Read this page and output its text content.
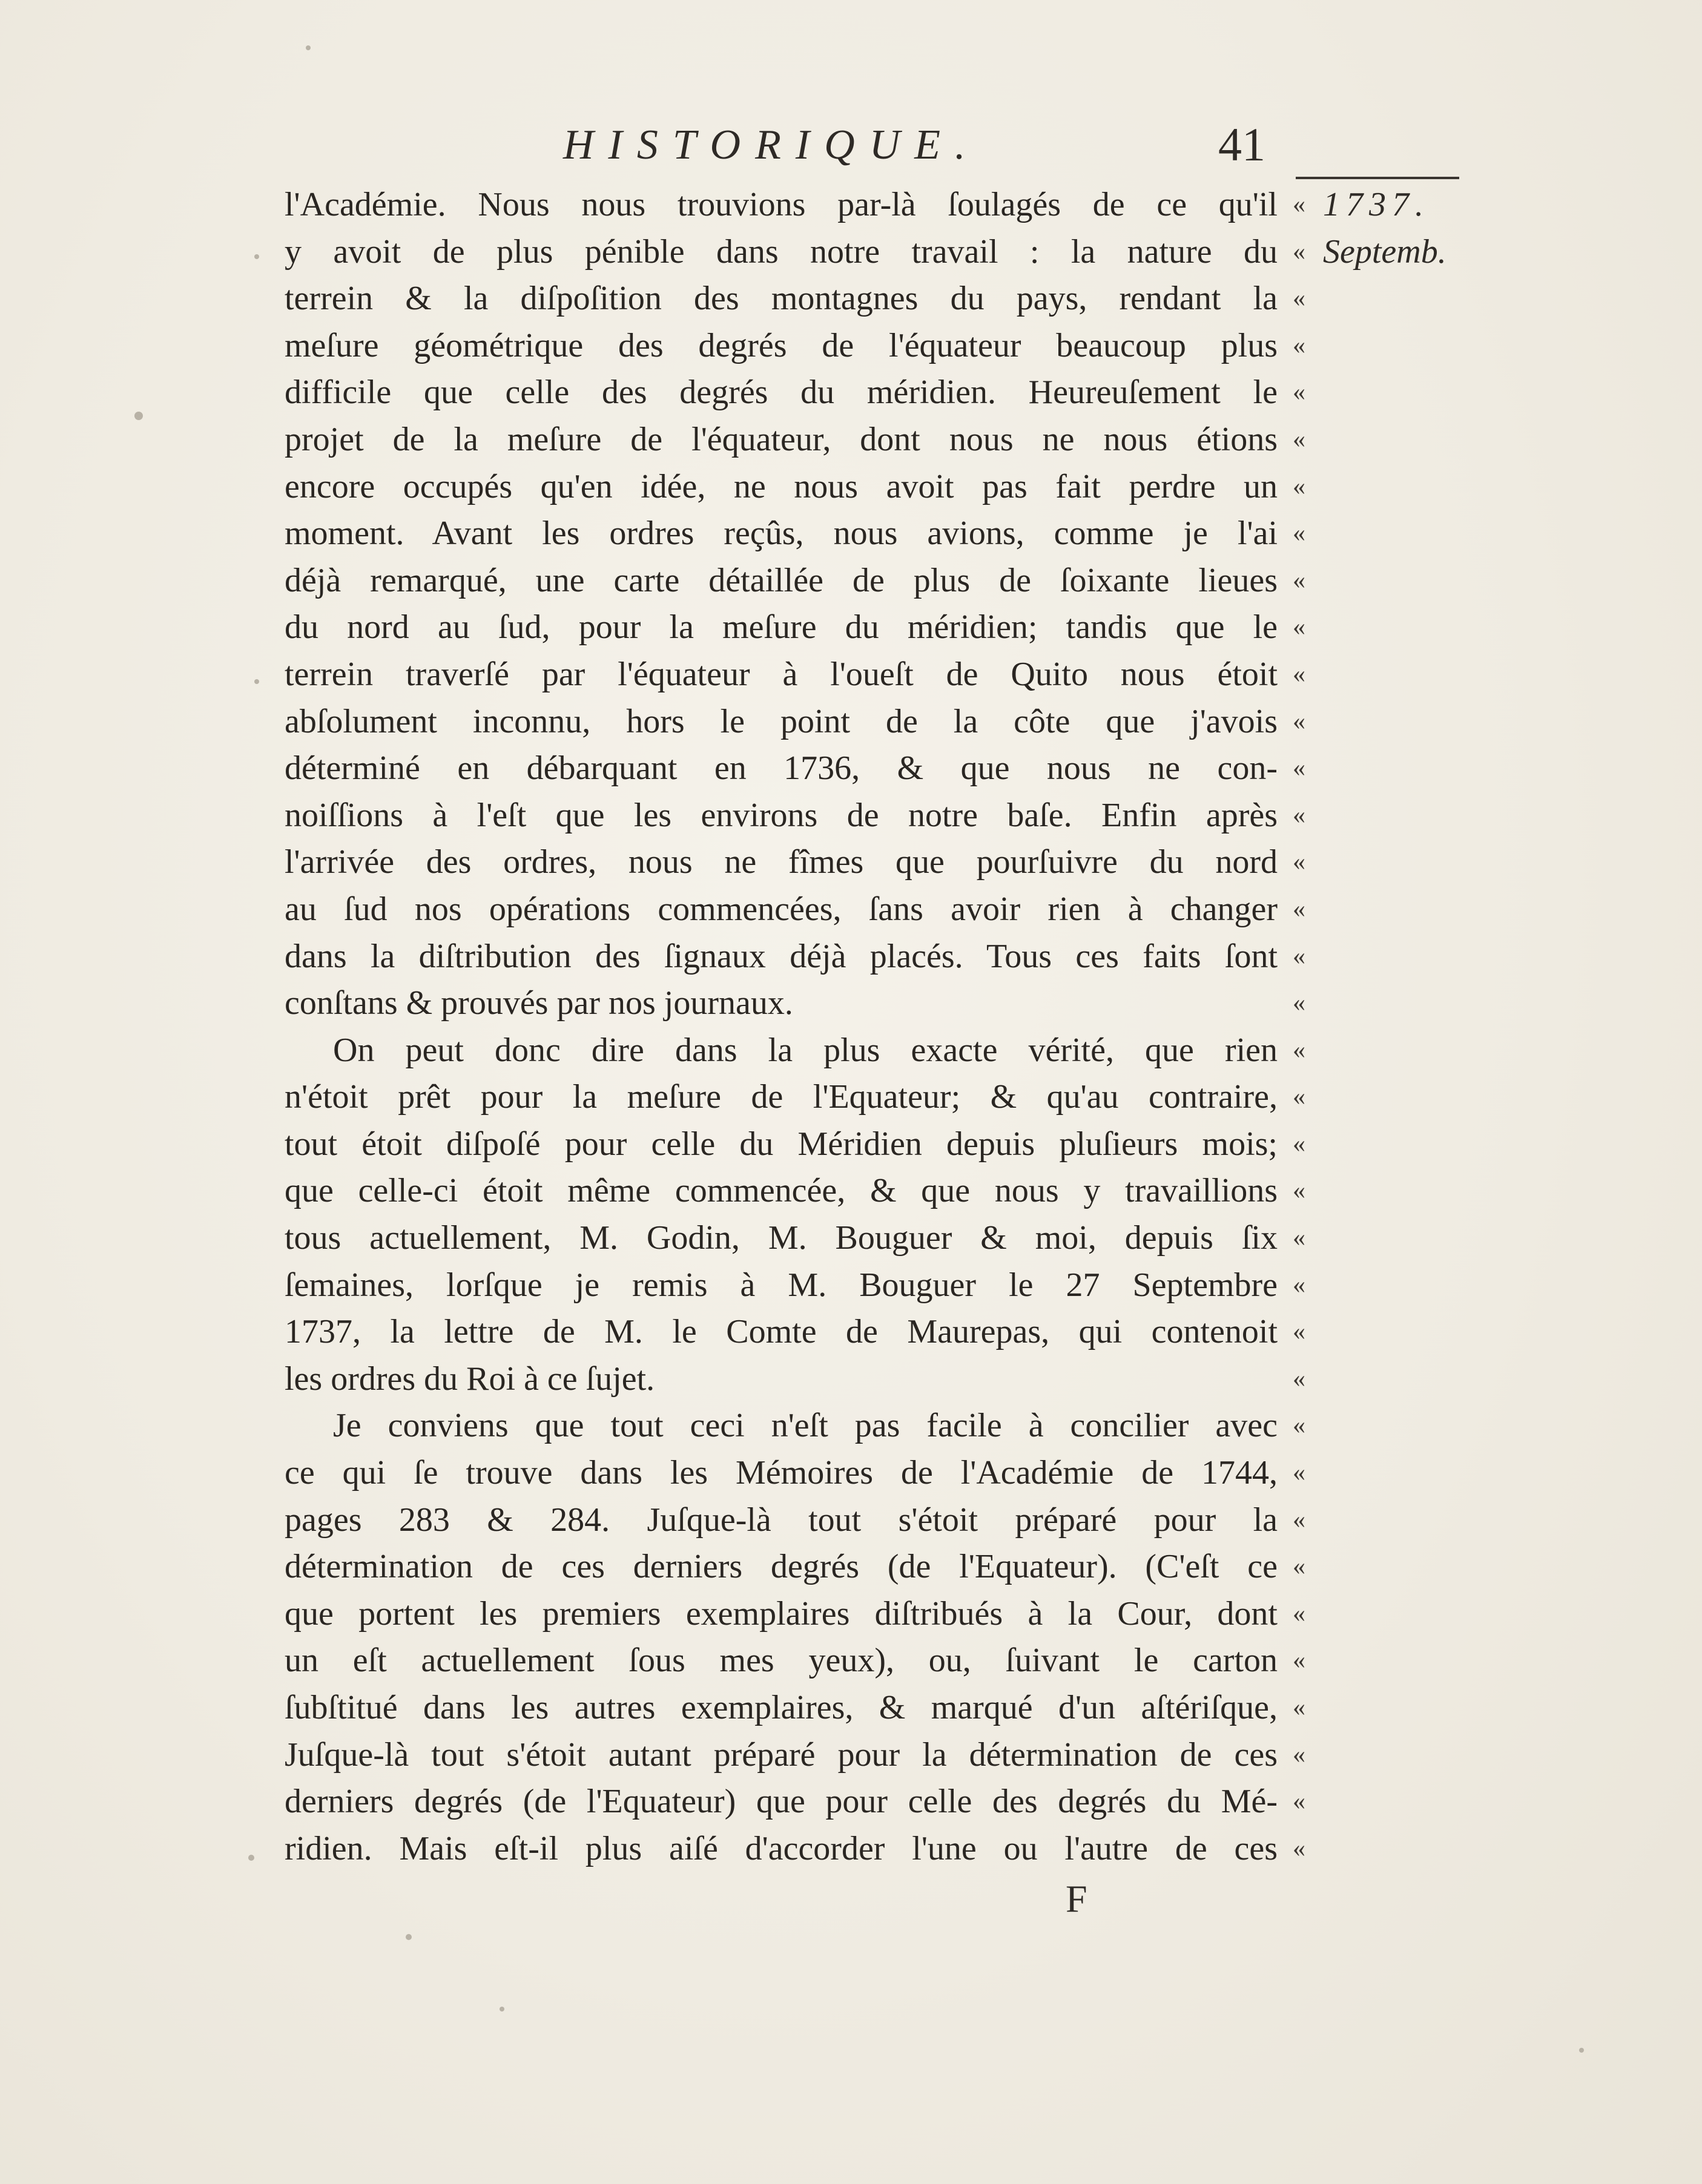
HISTORIQUE.	41
l'Académie. Nous nous trouvions par-là ſoulagés de ce qu'il
y avoit de plus pénible dans notre travail : la nature du
terrein & la diſpoſition des montagnes du pays, rendant la
meſure géométrique des degrés de l'équateur beaucoup plus
difficile que celle des degrés du méridien. Heureuſement le
projet de la meſure de l'équateur, dont nous ne nous étions
encore occupés qu'en idée, ne nous avoit pas fait perdre un
moment. Avant les ordres reçûs, nous avions, comme je l'ai
déjà remarqué, une carte détaillée de plus de ſoixante lieues
du nord au ſud, pour la meſure du méridien; tandis que le
terrein traverſé par l'équateur à l'oueſt de Quito nous étoit
abſolument inconnu, hors le point de la côte que j'avois
déterminé en débarquant en 1736, & que nous ne con-
noiſſions à l'eſt que les environs de notre baſe. Enfin après
l'arrivée des ordres, nous ne fîmes que pourſuivre du nord
au ſud nos opérations commencées, ſans avoir rien à changer
dans la diſtribution des ſignaux déjà placés. Tous ces faits ſont
conſtans & prouvés par nos journaux.
On peut donc dire dans la plus exacte vérité, que rien
n'étoit prêt pour la meſure de l'Equateur; & qu'au contraire,
tout étoit diſpoſé pour celle du Méridien depuis pluſieurs mois;
que celle-ci étoit même commencée, & que nous y travaillions
tous actuellement, M. Godin, M. Bouguer & moi, depuis ſix
ſemaines, lorſque je remis à M. Bouguer le 27 Septembre
1737, la lettre de M. le Comte de Maurepas, qui contenoit
les ordres du Roi à ce ſujet.
Je conviens que tout ceci n'eſt pas facile à concilier avec
ce qui ſe trouve dans les Mémoires de l'Académie de 1744,
pages 283 & 284. Juſque-là tout s'étoit préparé pour la
détermination de ces derniers degrés (de l'Equateur). (C'eſt ce
que portent les premiers exemplaires diſtribués à la Cour, dont
un eſt actuellement ſous mes yeux), ou, ſuivant le carton
ſubſtitué dans les autres exemplaires, & marqué d'un aſtériſque,
Juſque-là tout s'étoit autant préparé pour la détermination de ces
derniers degrés (de l'Equateur) que pour celle des degrés du Mé-
ridien. Mais eſt-il plus aiſé d'accorder l'une ou l'autre de ces
«
«
«
«
«
«
«
«
«
«
«
«
«
«
«
«
«
«
«
«
«
«
«
«
«
«
«
«
«
«
«
«
«
«
«
«
1737.
Septemb.
F
